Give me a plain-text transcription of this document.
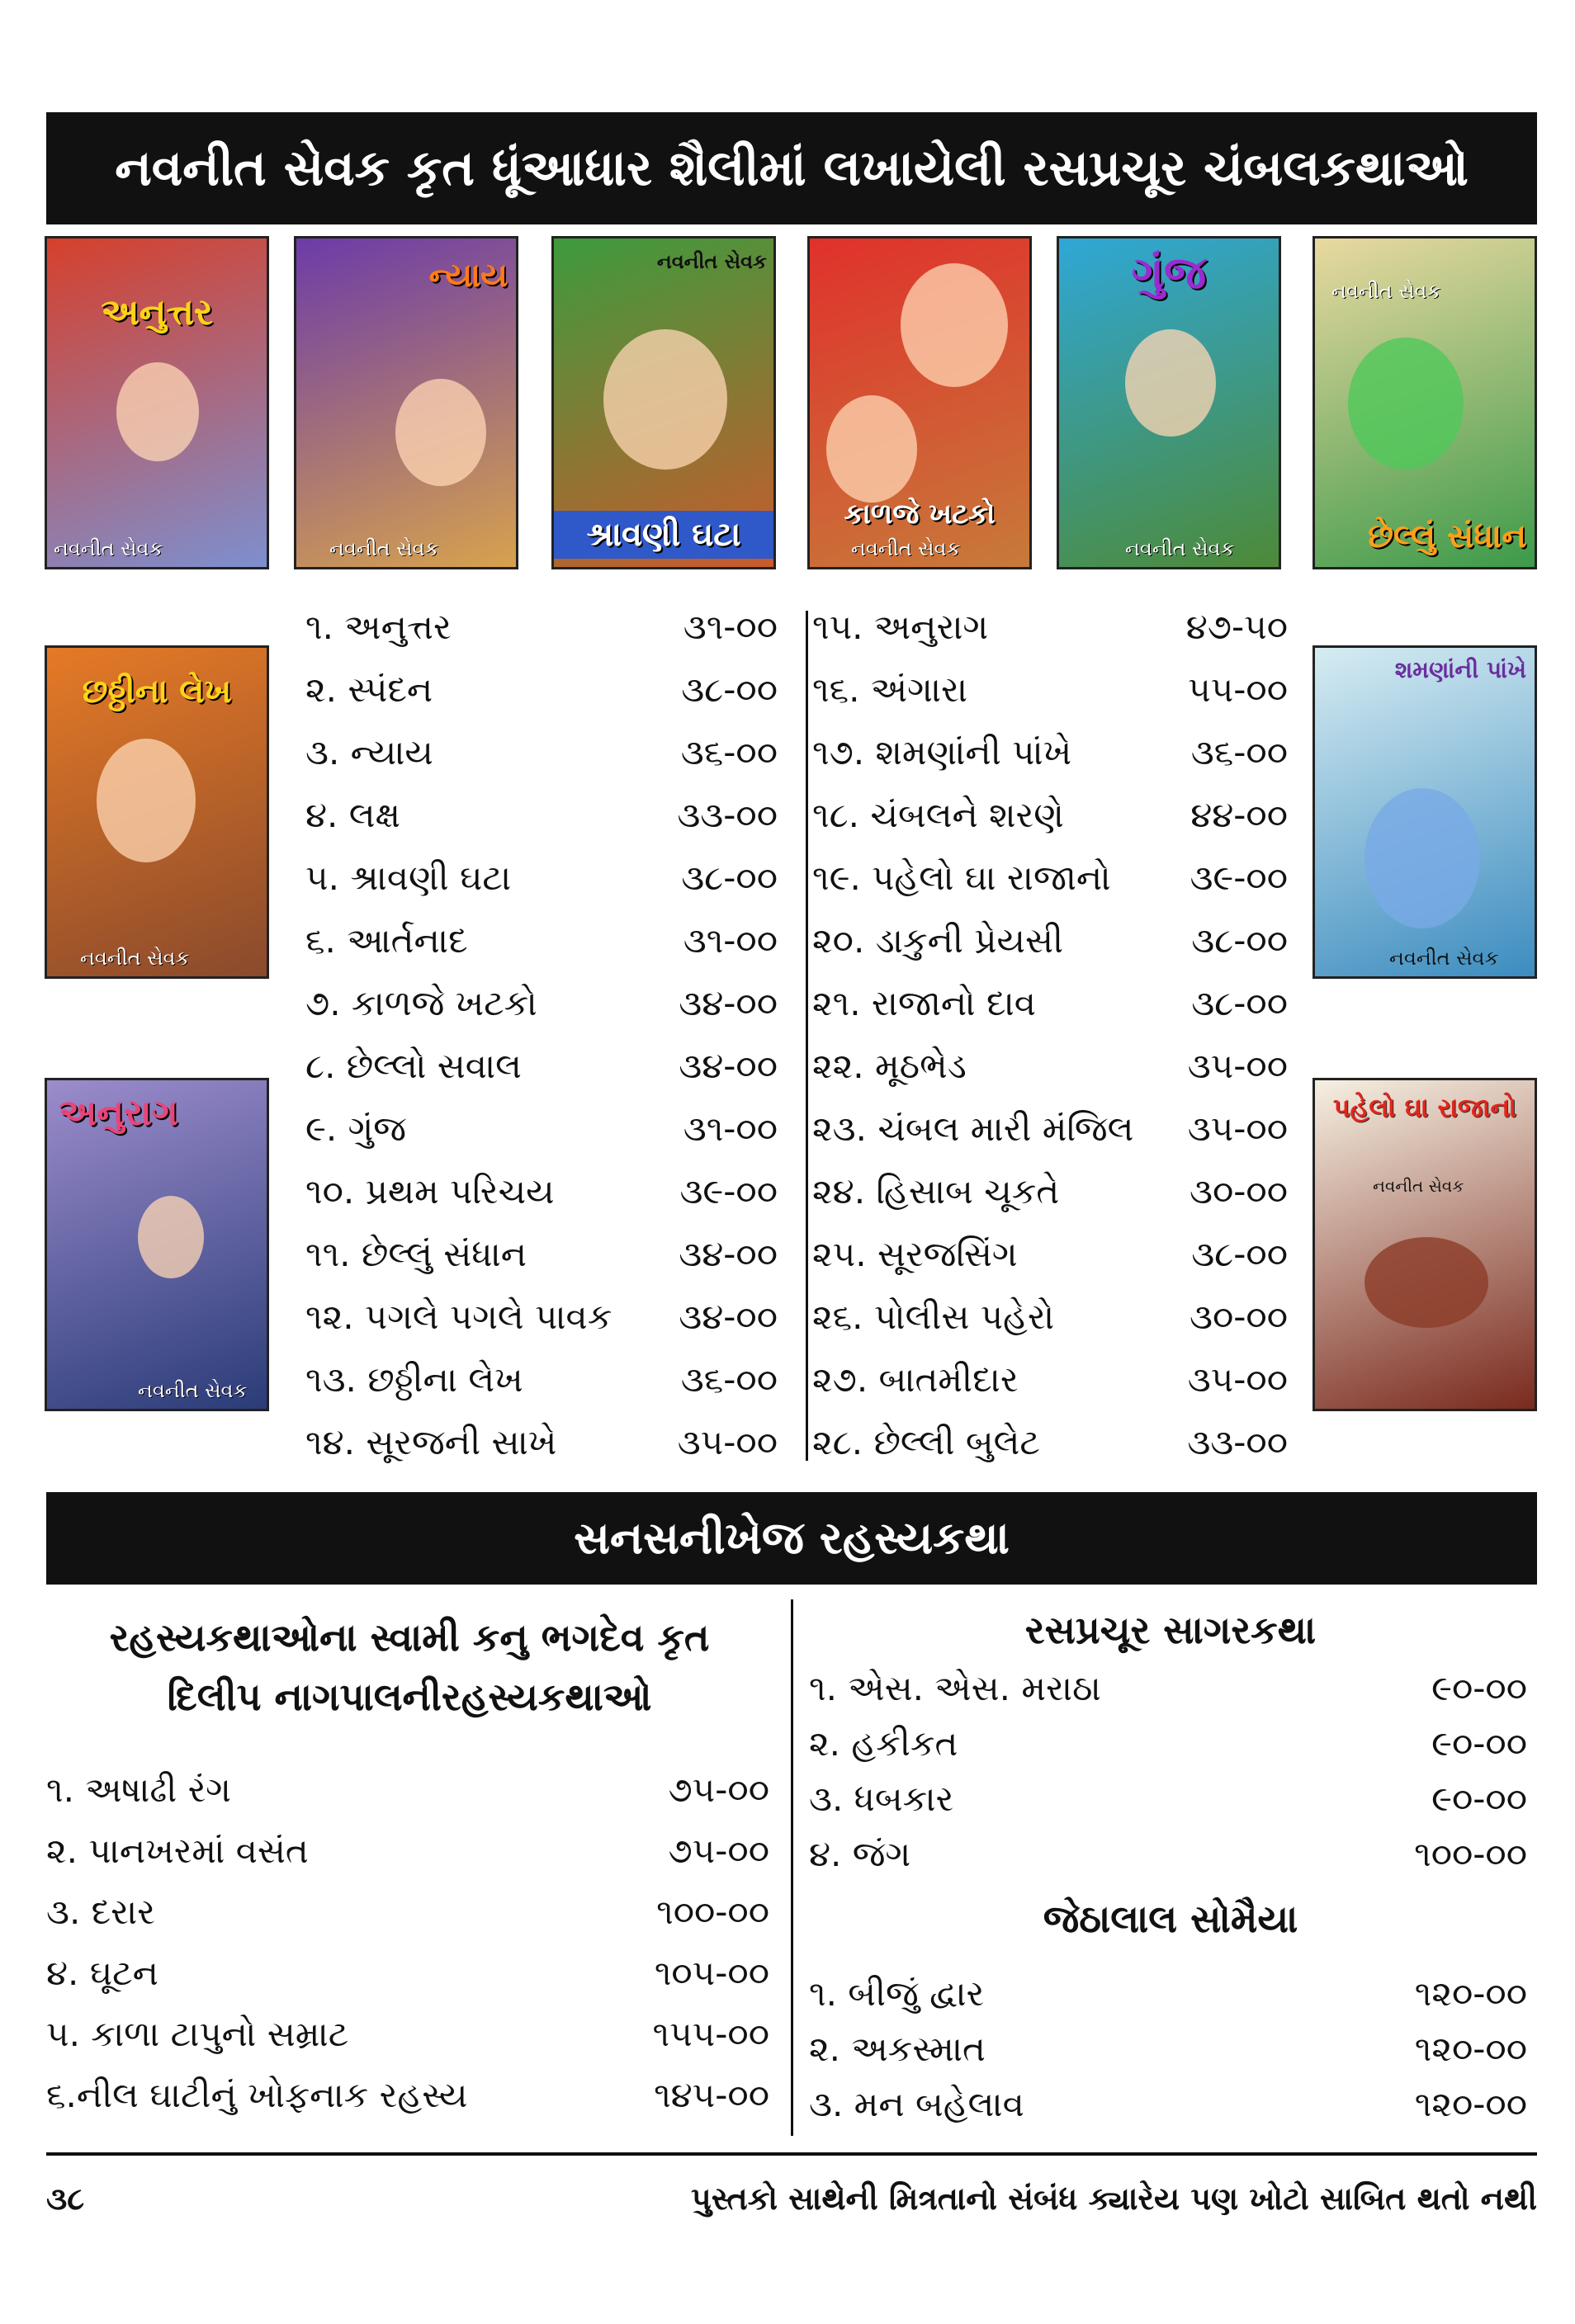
નવનીત સેવક કૃત ધૂંઆધાર શૈલીમાં લખાયેલી રસપ્રચૂર ચંબલકથાઓ
અનુત્તર
નવનીત સેવક
ન્યાય
નવનીત સેવક
નવનીત સેવક
શ્રાવણી ઘટા
કાળજે ખટકો
નવનીત સેવક
ગુંજ
નવનીત સેવક
નવનીત સેવક
છેલ્લું સંધાન
છઠ્ઠીના લેખ
નવનીત સેવક
અનુરાગ
નવનીત સેવક
શમણાંની પાંખે
નવનીત સેવક
પહેલો ઘા રાજાનો
નવનીત સેવક
૧. અનુત્તર	૩૧-૦૦
૨. સ્પંદન	૩૮-૦૦
૩. ન્યાય	૩૬-૦૦
૪. લક્ષ	૩૩-૦૦
૫. શ્રાવણી ઘટા	૩૮-૦૦
૬. આર્તનાદ	૩૧-૦૦
૭. કાળજે ખટકો	૩૪-૦૦
૮. છેલ્લો સવાલ	૩૪-૦૦
૯. ગુંજ	૩૧-૦૦
૧૦. પ્રથમ પરિચય	૩૯-૦૦
૧૧. છેલ્લું સંધાન	૩૪-૦૦
૧૨. પગલે પગલે પાવક ૩૪-૦૦
૧૩. છઠ્ઠીના લેખ	૩૬-૦૦
૧૪. સૂરજની સાખે	૩૫-૦૦
૧૫. અનુરાગ	૪૭-૫૦
૧૬. અંગારા	૫૫-૦૦
૧૭. શમણાંની પાંખે	૩૬-૦૦
૧૮. ચંબલને શરણે	૪૪-૦૦
૧૯. પહેલો ઘા રાજાનો ૩૯-૦૦
૨૦. ડાકુની પ્રેયસી	૩૮-૦૦
૨૧. રાજાનો દાવ	૩૮-૦૦
૨૨. મૂઠભેડ	૩૫-૦૦
૨૩. ચંબલ મારી મંજિલ ૩૫-૦૦
૨૪. હિસાબ ચૂકતે	૩૦-૦૦
૨૫. સૂરજસિંગ	૩૮-૦૦
૨૬. પોલીસ પહેરો	૩૦-૦૦
૨૭. બાતમીદાર	૩૫-૦૦
૨૮. છેલ્લી બુલેટ	૩૩-૦૦
સનસનીખેજ રહસ્યકથા
રહસ્યકથાઓના સ્વામી કનુ ભગદેવ કૃત
દિલીપ નાગપાલનીરહસ્યકથાઓ
૧. અષાઢી રંગ	૭૫-૦૦
૨. પાનખરમાં વસંત	૭૫-૦૦
૩. દરાર	૧૦૦-૦૦
૪. ઘૂટન	૧૦૫-૦૦
૫. કાળા ટાપુનો સમ્રાટ	૧૫૫-૦૦
૬.નીલ ઘાટીનું ખોફનાક રહસ્ય	૧૪૫-૦૦
રસપ્રચૂર સાગરકથા
૧. એસ. એસ. મરાઠા	૯૦-૦૦
૨. હકીકત	૯૦-૦૦
૩. ધબકાર	૯૦-૦૦
૪. જંગ	૧૦૦-૦૦
જેઠાલાલ સોમૈયા
૧. બીજું દ્વાર	૧૨૦-૦૦
૨. અકસ્માત	૧૨૦-૦૦
૩. મન બહેલાવ	૧૨૦-૦૦
૩૮	પુસ્તકો સાથેની મિત્રતાનો સંબંધ ક્યારેય પણ ખોટો સાબિત થતો નથી
